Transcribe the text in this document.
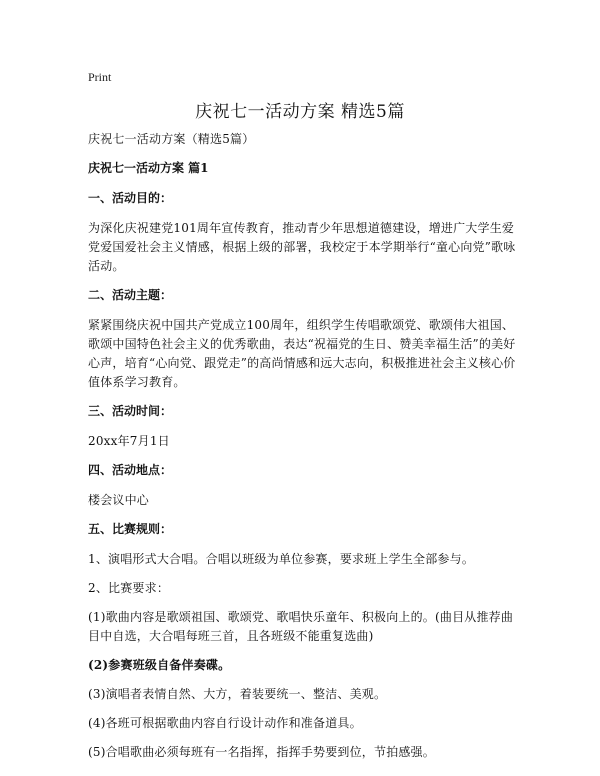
Print
庆祝七一活动方案 精选5篇

庆祝七一活动方案（精选5篇）

庆祝七一活动方案 篇1

一、活动目的：

为深化庆祝建党101周年宣传教育，推动青少年思想道德建设，增进广大学生爱党爱国爱社会主义情感，根据上级的部署，我校定于本学期举行“童心向党”歌咏活动。

二、活动主题：

紧紧围绕庆祝中国共产党成立100周年，组织学生传唱歌颂党、歌颂伟大祖国、歌颂中国特色社会主义的优秀歌曲，表达“祝福党的生日、赞美幸福生活”的美好心声，培育“心向党、跟党走”的高尚情感和远大志向，积极推进社会主义核心价值体系学习教育。

三、活动时间：

20xx年7月1日

四、活动地点：

楼会议中心

五、比赛规则：

1、演唱形式大合唱。合唱以班级为单位参赛，要求班上学生全部参与。

2、比赛要求：

(1)歌曲内容是歌颂祖国、歌颂党、歌唱快乐童年、积极向上的。(曲目从推荐曲目中自选，大合唱每班三首，且各班级不能重复选曲)

(2)参赛班级自备伴奏碟。

(3)演唱者表情自然、大方，着装要统一、整洁、美观。

(4)各班可根据歌曲内容自行设计动作和准备道具。

(5)合唱歌曲必须每班有一名指挥，指挥手势要到位，节拍感强。
